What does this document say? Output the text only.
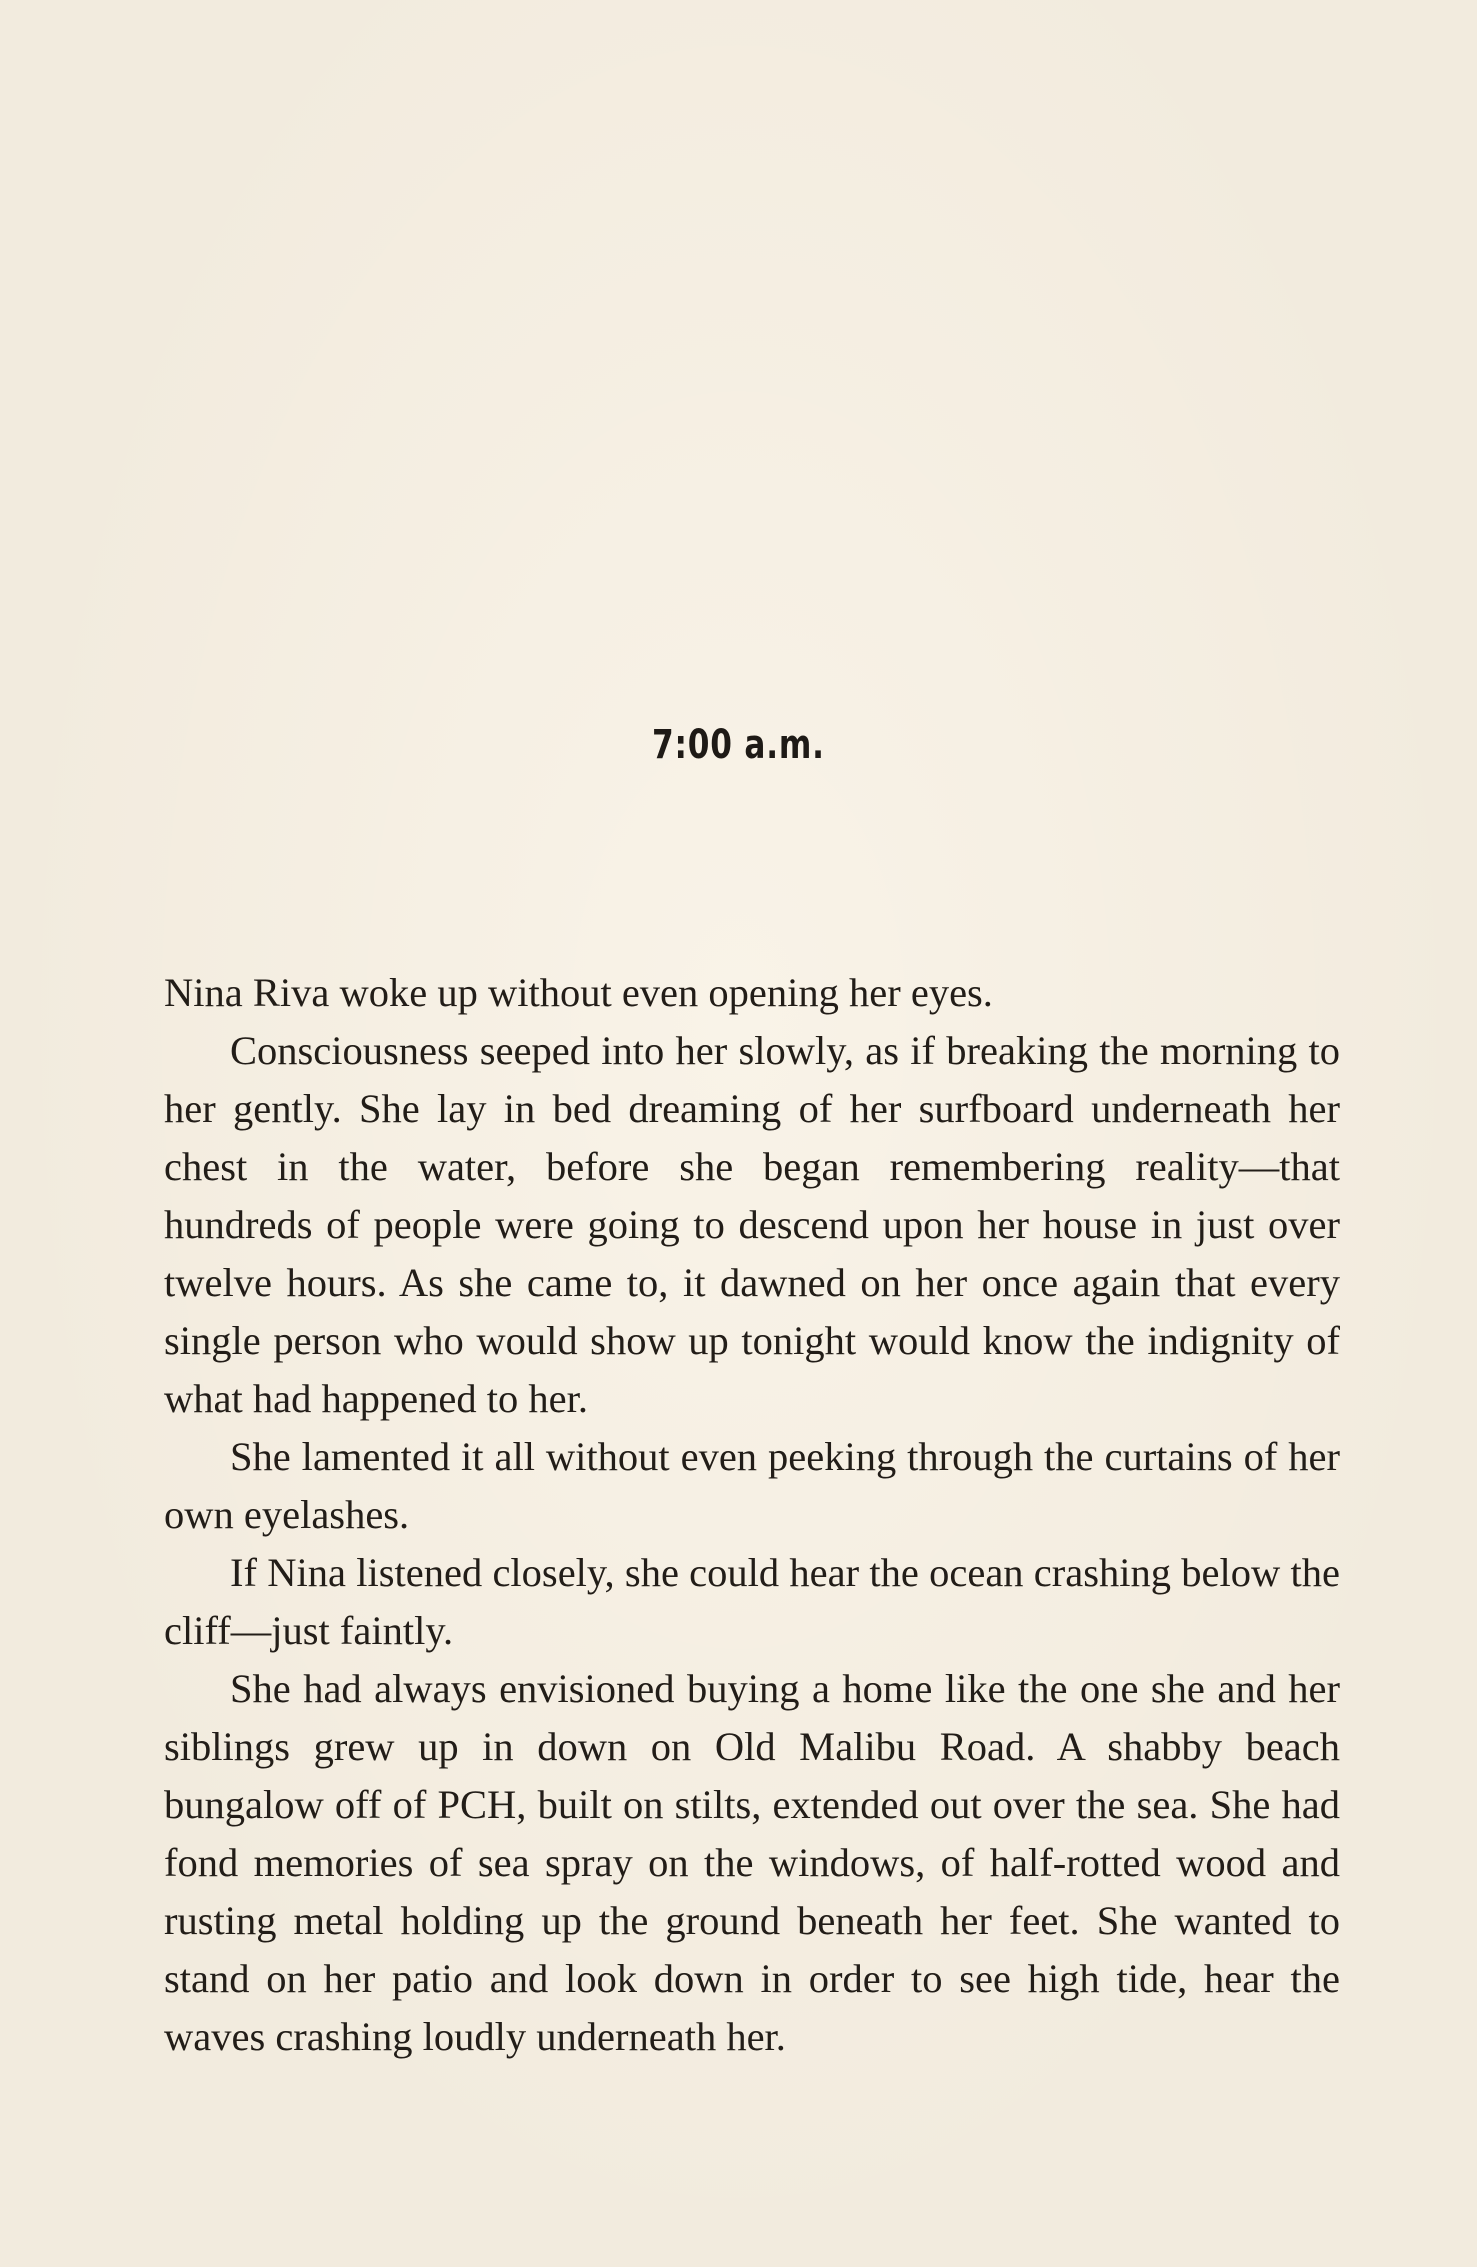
7:00 a.m.

Nina Riva woke up without even opening her eyes.

Consciousness seeped into her slowly, as if breaking the morning to her gently. She lay in bed dreaming of her surfboard underneath her chest in the water, before she began remembering reality—that hundreds of people were going to descend upon her house in just over twelve hours. As she came to, it dawned on her once again that every single person who would show up tonight would know the indignity of what had happened to her.

She lamented it all without even peeking through the curtains of her own eyelashes.

If Nina listened closely, she could hear the ocean crashing below the cliff—just faintly.

She had always envisioned buying a home like the one she and her siblings grew up in down on Old Malibu Road. A shabby beach bungalow off of PCH, built on stilts, extended out over the sea. She had fond memories of sea spray on the windows, of half-rotted wood and rusting metal holding up the ground beneath her feet. She wanted to stand on her patio and look down in order to see high tide, hear the waves crashing loudly underneath her.
